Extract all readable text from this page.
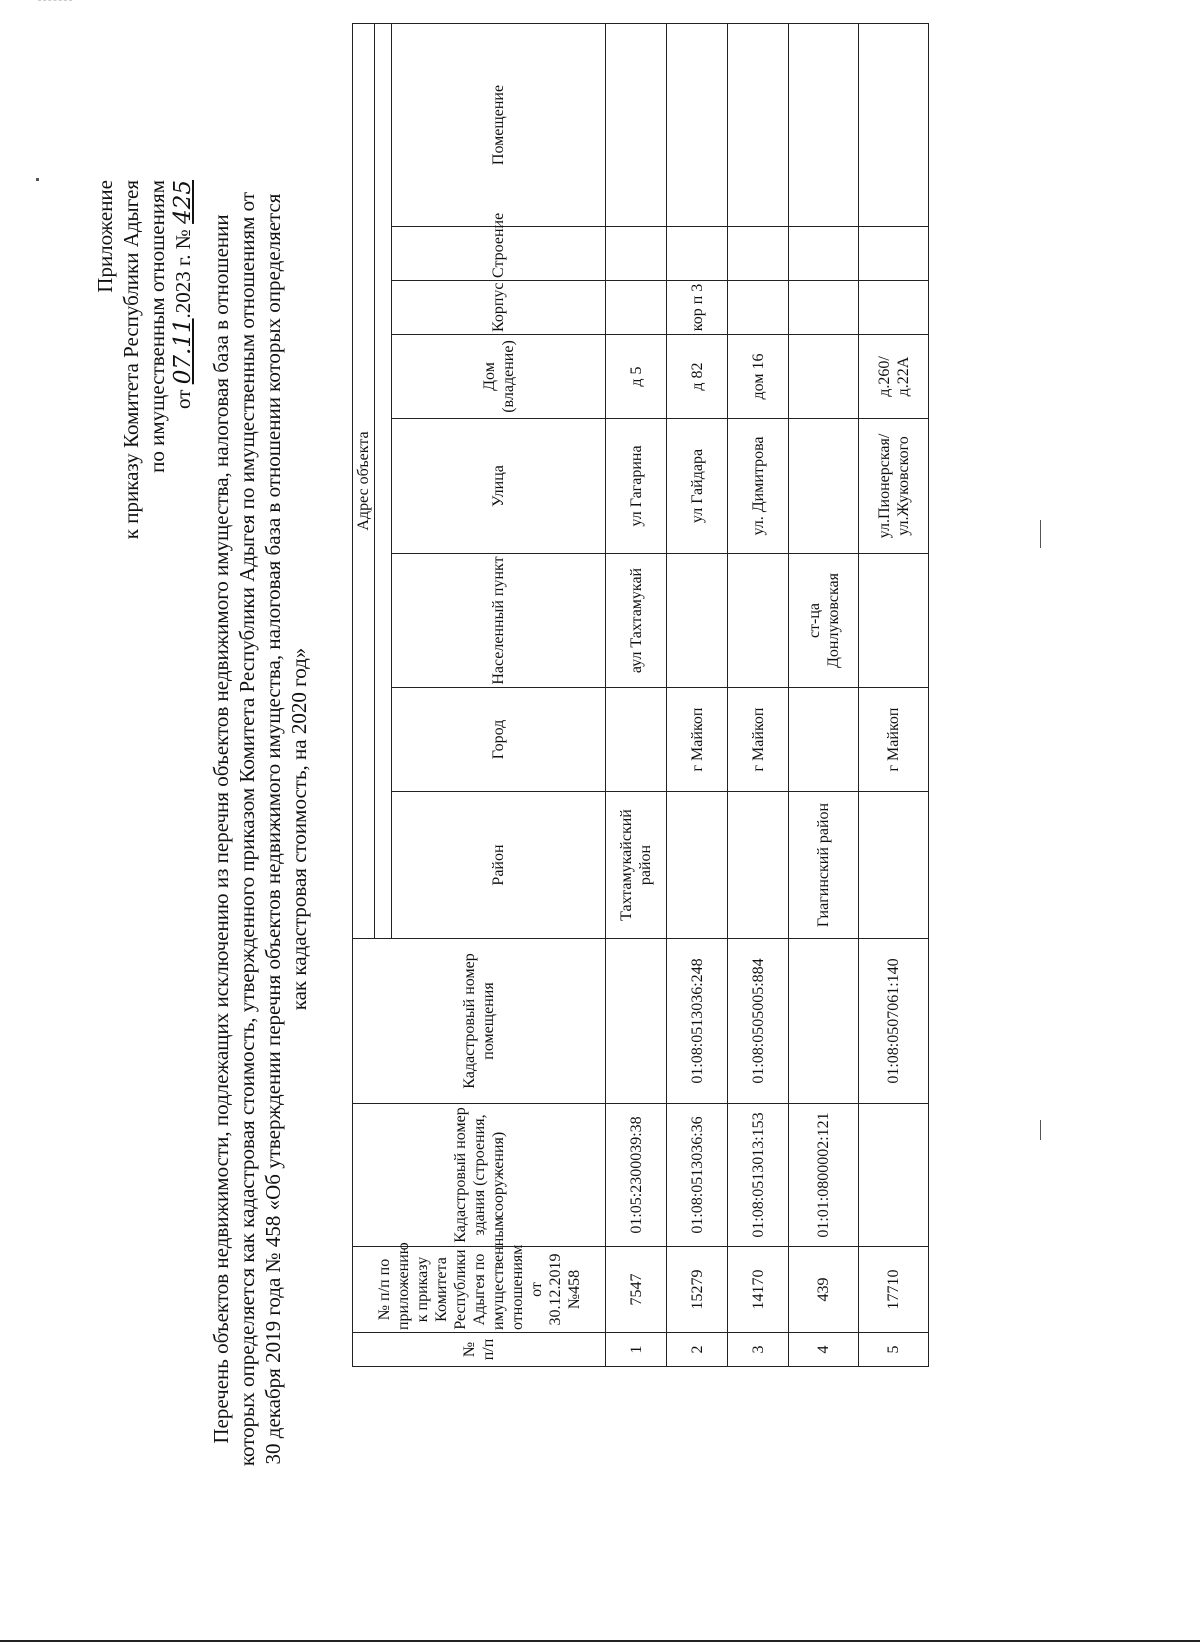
Приложение к приказу Комитета Республики Адыгея по имущественным отношениям от 07.11.2023 г. № 425
Перечень объектов недвижимости, подлежащих исключению из перечня объектов недвижимого имущества, налоговая база в отношении которых определяется как кадастровая стоимость, утвержденного приказом Комитета Республики Адыгея по имущественным отношениям от 30 декабря 2019 года № 458 «Об утверждении перечня объектов недвижимого имущества, налоговая база в отношении которых определяется как кадастровая стоимость, на 2020 год»
№ п/п	№ п/п по приложению к приказу Комитета Республики Адыгея по имущественным отношениям от 30.12.2019 №458	Кадастровый номер здания (строения, сооружения)	Кадастровый номер помещения	Адрес объекта							

				Район	Город	Населенный пункт	Улица	Дом (владение)	Корпус	Строение	Помещение
1	7547	01:05:2300039:38		Тахтамукайский район		аул Тахтамукай	ул Гагарина	д 5			
2	15279	01:08:0513036:36	01:08:0513036:248		г Майкоп		ул Гайдара	д 82	кор п 3		
3	14170	01:08:0513013:153	01:08:0505005:884		г Майкоп		ул. Димитрова	дом 16			
4	439	01:01:0800002:121		Гиагинский район		ст-ца Донлуковская					
5	17710		01:08:0507061:140		г Майкоп		ул.Пионерская/ул.Жуковского	д.260/д.22А			
